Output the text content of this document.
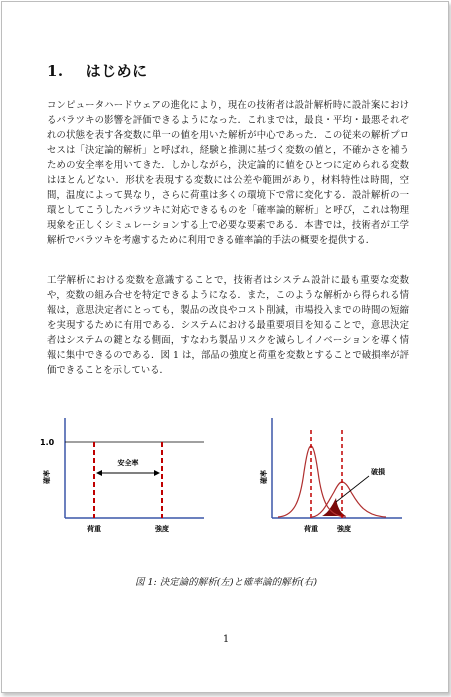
1. はじめに
コンピュータハードウェアの進化により，現在の技術者は設計解析時に設計案におけるバラツキの影響を評価できるようになった．これまでは，最良・平均・最悪それぞれの状態を表す各変数に単一の値を用いた解析が中心であった．この従来の解析プロセスは「決定論的解析」と呼ばれ，経験と推測に基づく変数の値と，不確かさを補うための安全率を用いてきた．しかしながら，決定論的に値をひとつに定められる変数はほとんどない．形状を表現する変数には公差や範囲があり，材料特性は時間，空間，温度によって異なり，さらに荷重は多くの環境下で常に変化する．設計解析の一環としてこうしたバラツキに対応できるものを「確率論的解析」と呼び，これは物理現象を正しくシミュレーションする上で必要な要素である．本書では，技術者が工学解析でバラツキを考慮するために利用できる確率論的手法の概要を提供する．
工学解析における変数を意識することで，技術者はシステム設計に最も重要な変数や，変数の組み合せを特定できるようになる．また，このような解析から得られる情報は，意思決定者にとっても，製品の改良やコスト削減，市場投入までの時間の短縮を実現するために有用である．システムにおける最重要項目を知ることで，意思決定者はシステムの鍵となる側面，すなわち製品リスクを減らしイノベーションを導く情報に集中できるのである．図 1 は，部品の強度と荷重を変数とすることで破損率が評価できることを示している．
1.0
確率
安全率
荷重	強度
確率	破損
荷重	強度
図 1: 決定論的解析(左)と確率論的解析(右)
1
